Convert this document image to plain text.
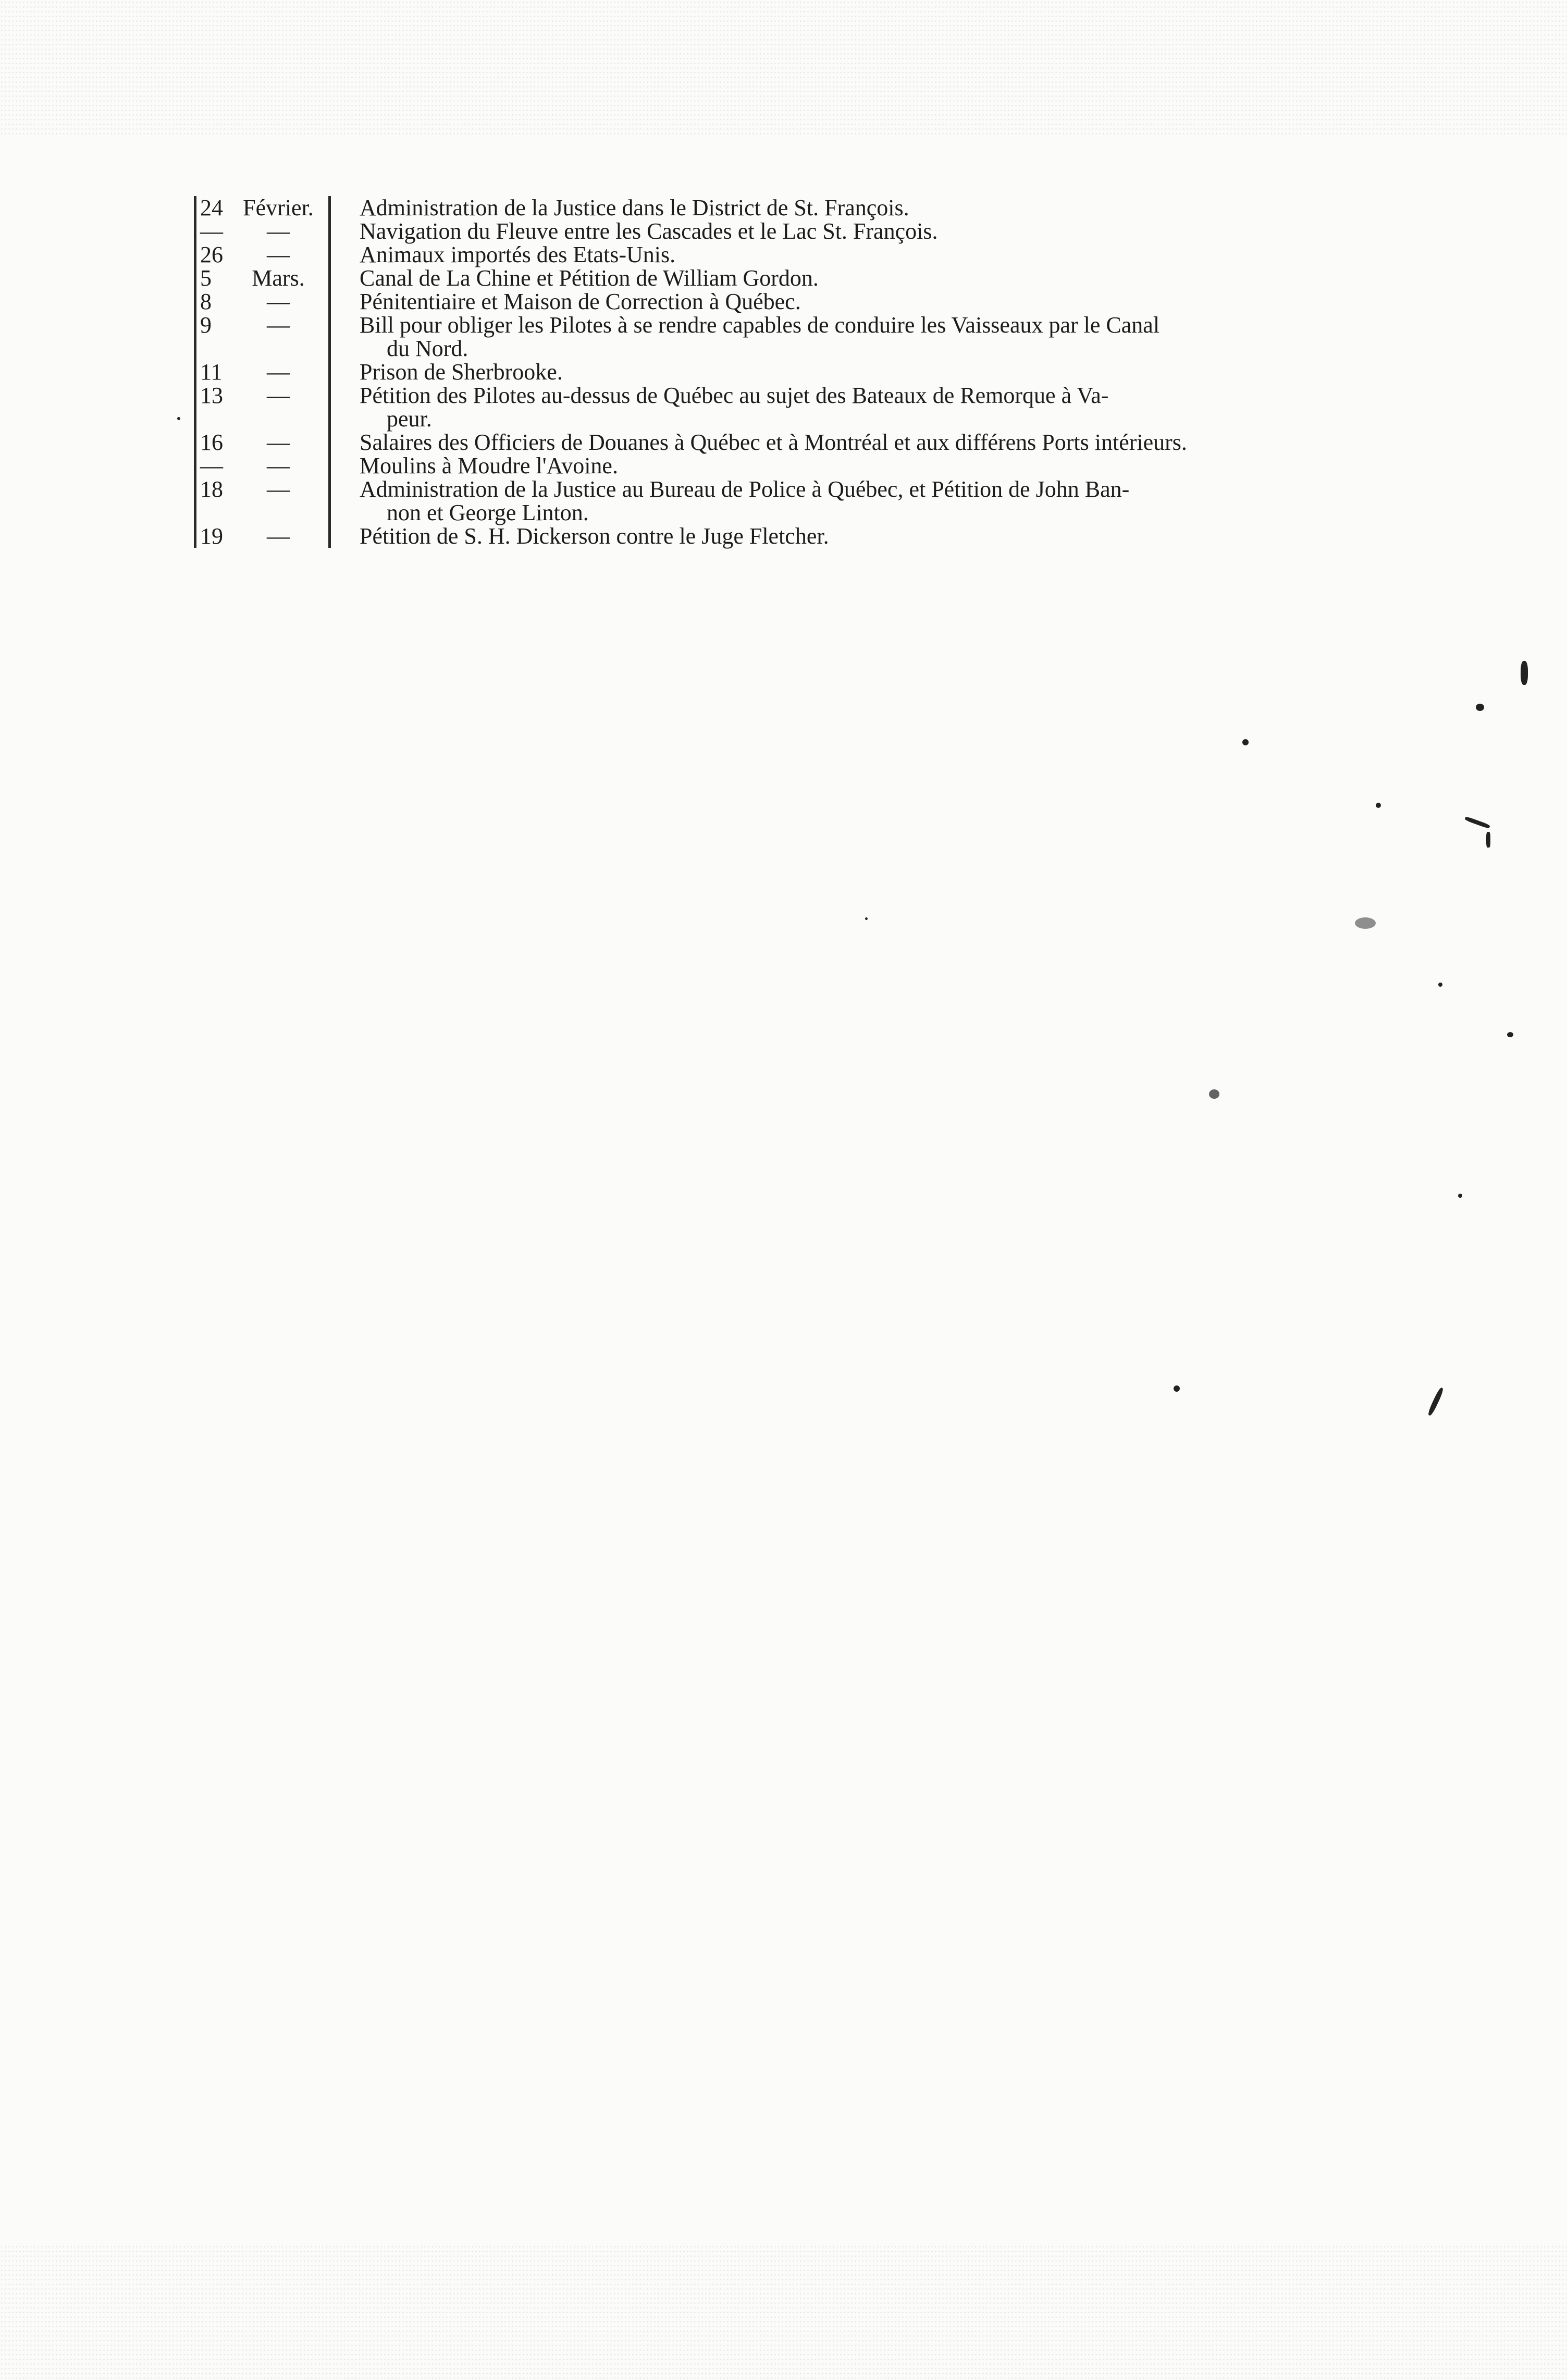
24 Février.	Administration de la Justice dans le District de St. François.
—	—	Navigation du Fleuve entre les Cascades et le Lac St. François.
26	—	Animaux importés des Etats-Unis.
5	Mars.	Canal de La Chine et Pétition de William Gordon.
8	—	Pénitentiaire et Maison de Correction à Québec.
9	—	Bill pour obliger les Pilotes à se rendre capables de conduire les Vaisseaux par le Canal
du Nord.
11	—	Prison de Sherbrooke.
13	—	Pétition des Pilotes au-dessus de Québec au sujet des Bateaux de Remorque à Va-
peur.
16	—	Salaires des Officiers de Douanes à Québec et à Montréal et aux différens Ports intérieurs.
—	—	Moulins à Moudre l'Avoine.
18	—	Administration de la Justice au Bureau de Police à Québec, et Pétition de John Ban-
non et George Linton.
19	—	Pétition de S. H. Dickerson contre le Juge Fletcher.
